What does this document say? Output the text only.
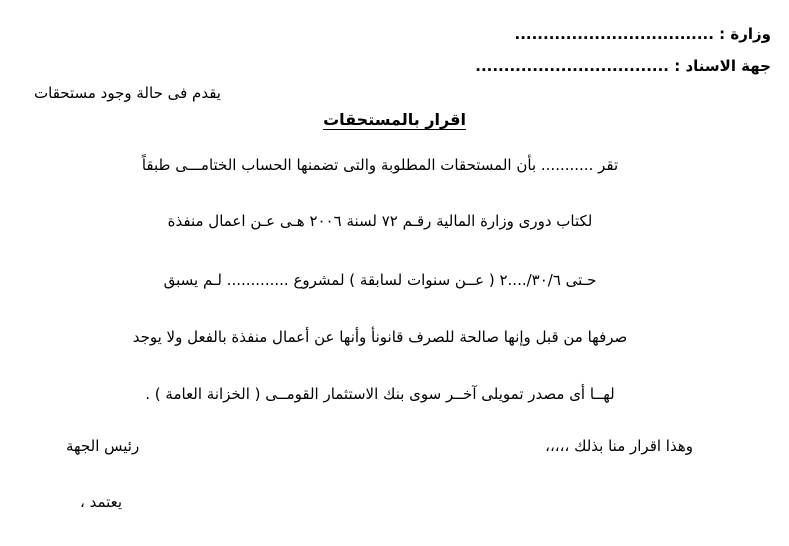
وزارة : ...................................
جهة الاسناد : ..................................
يقدم فى حالة وجود مستحقات
اقرار بالمستحقات
تقر ........... بأن المستحقات المطلوبة والتى تضمنها الحساب الختامـــى طبقاً
لكتاب دورى وزارة المالية رقـم ٧٢ لسنة ٢٠٠٦ هـى عـن اعمال منفذة
حـتى ٣٠/٦/....٢ ( عــن سنوات لسابقة ) لمشروع ............. لـم يسبق
صرفها من قبل وإنها صالحة للصرف قانونأ وأنها عن أعمال منفذة بالفعل ولا يوجد
لهــا أى مصدر تمويلى آخــر سوى بنك الاستثمار القومــى ( الخزانة العامة ) .
وهذا اقرار منا بذلك ،،،،،
رئيس الجهة
يعتمد ،
